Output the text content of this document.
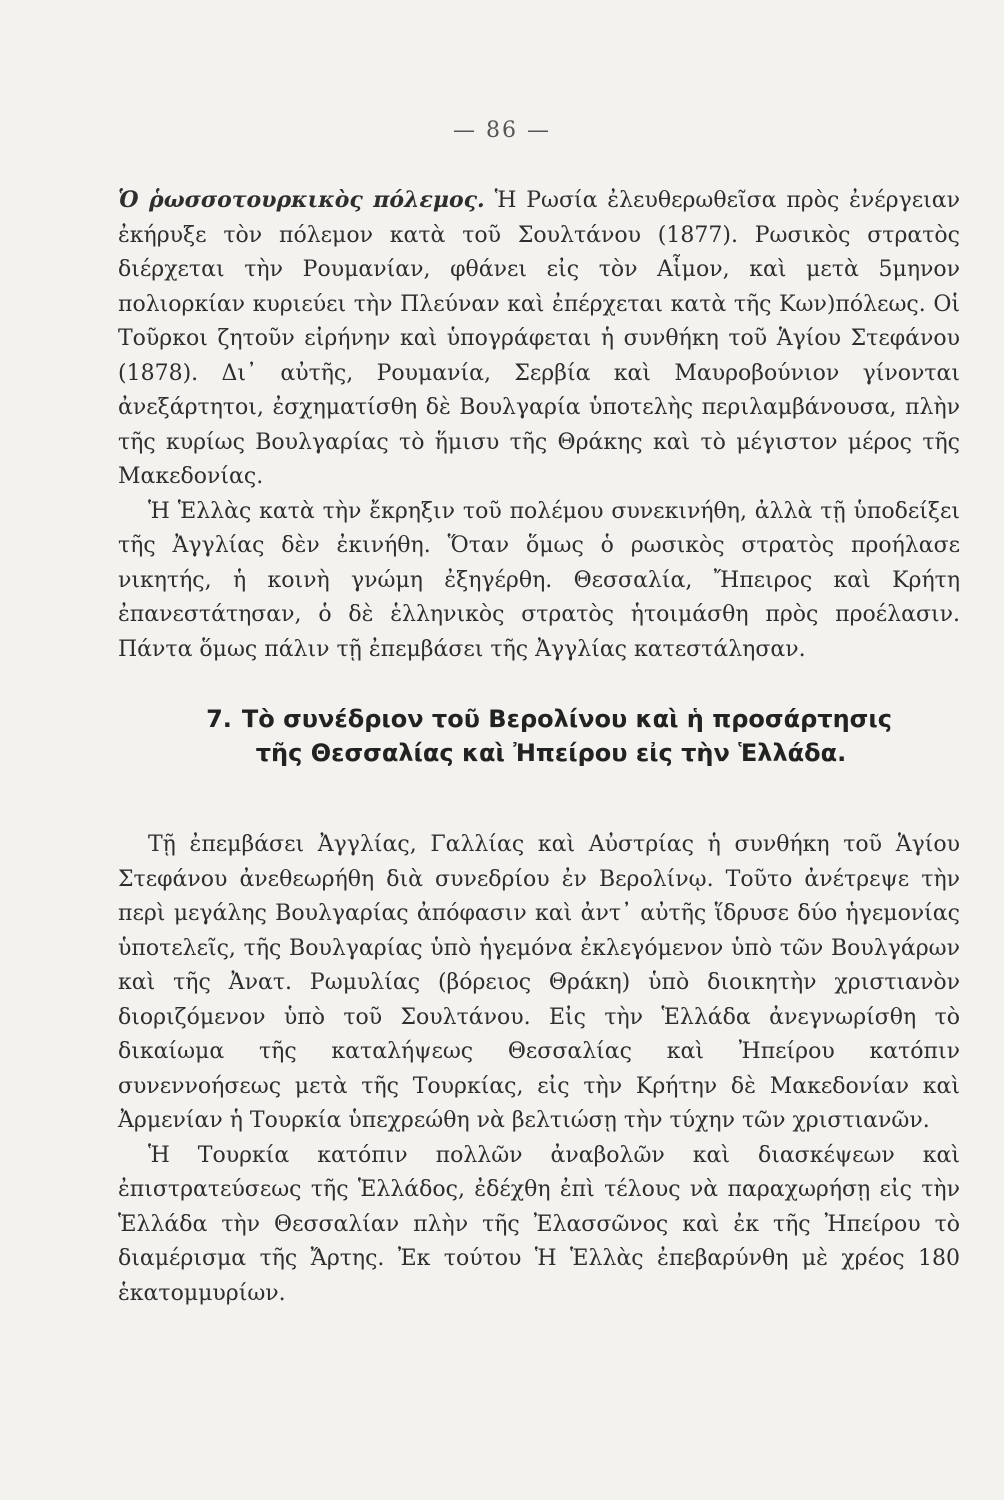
— 86 —

Ὁ ῥωσσοτουρκικὸς πόλεμος. Ἡ Ρωσία ἐλευθερωθεῖσα πρὸς ἐνέργειαν ἐκήρυξε τὸν πόλεμον κατὰ τοῦ Σουλτάνου (1877). Ρωσικὸς στρατὸς διέρχεται τὴν Ρουμανίαν, φθάνει εἰς τὸν Αἷμον, καὶ μετὰ 5μηνον πολιορκίαν κυριεύει τὴν Πλεύναν καὶ ἐπέρχεται κατὰ τῆς Κων)πόλεως. Οἱ Τοῦρκοι ζητοῦν εἰρήνην καὶ ὑπογράφεται ἡ συνθήκη τοῦ Ἁγίου Στεφάνου (1878). Δι᾿ αὐτῆς, Ρουμανία, Σερβία καὶ Μαυροβούνιον γίνονται ἀνεξάρτητοι, ἐσχηματίσθη δὲ Βουλγαρία ὑποτελὴς περιλαμβάνουσα, πλὴν τῆς κυρίως Βουλγαρίας τὸ ἥμισυ τῆς Θράκης καὶ τὸ μέγιστον μέρος τῆς Μακεδονίας.

Ἡ Ἑλλὰς κατὰ τὴν ἔκρηξιν τοῦ πολέμου συνεκινήθη, ἀλλὰ τῇ ὑποδείξει τῆς Ἀγγλίας δὲν ἐκινήθη. Ὅταν ὅμως ὁ ρωσικὸς στρατὸς προήλασε νικητής, ἡ κοινὴ γνώμη ἐξηγέρθη. Θεσσαλία, Ἤπειρος καὶ Κρήτη ἐπανεστάτησαν, ὁ δὲ ἑλληνικὸς στρατὸς ἡτοιμάσθη πρὸς προέλασιν. Πάντα ὅμως πάλιν τῇ ἐπεμβάσει τῆς Ἀγγλίας κατεστάλησαν.

7. Τὸ συνέδριον τοῦ Βερολίνου καὶ ἡ προσάρτησις
τῆς Θεσσαλίας καὶ Ἠπείρου εἰς τὴν Ἑλλάδα.

Τῇ ἐπεμβάσει Ἀγγλίας, Γαλλίας καὶ Αὐστρίας ἡ συνθήκη τοῦ Ἁγίου Στεφάνου ἀνεθεωρήθη διὰ συνεδρίου ἐν Βερολίνῳ. Τοῦτο ἀνέτρεψε τὴν περὶ μεγάλης Βουλγαρίας ἀπόφασιν καὶ ἀντ᾿ αὐτῆς ἵδρυσε δύο ἡγεμονίας ὑποτελεῖς, τῆς Βουλγαρίας ὑπὸ ἡγεμόνα ἐκλεγόμενον ὑπὸ τῶν Βουλγάρων καὶ τῆς Ἀνατ. Ρωμυλίας (βόρειος Θράκη) ὑπὸ διοικητὴν χριστιανὸν διοριζόμενον ὑπὸ τοῦ Σουλτάνου. Εἰς τὴν Ἑλλάδα ἀνεγνωρίσθη τὸ δικαίωμα τῆς καταλήψεως Θεσσαλίας καὶ Ἠπείρου κατόπιν συνεννοήσεως μετὰ τῆς Τουρκίας, εἰς τὴν Κρήτην δὲ Μακεδονίαν καὶ Ἀρμενίαν ἡ Τουρκία ὑπεχρεώθη νὰ βελτιώσῃ τὴν τύχην τῶν χριστιανῶν.

Ἡ Τουρκία κατόπιν πολλῶν ἀναβολῶν καὶ διασκέψεων καὶ ἐπιστρατεύσεως τῆς Ἑλλάδος, ἐδέχθη ἐπὶ τέλους νὰ παραχωρήσῃ εἰς τὴν Ἑλλάδα τὴν Θεσσαλίαν πλὴν τῆς Ἐλασσῶνος καὶ ἐκ τῆς Ἠπείρου τὸ διαμέρισμα τῆς Ἄρτης. Ἐκ τούτου Ἡ Ἑλλὰς ἐπεβαρύνθη μὲ χρέος 180 ἑκατομμυρίων.
